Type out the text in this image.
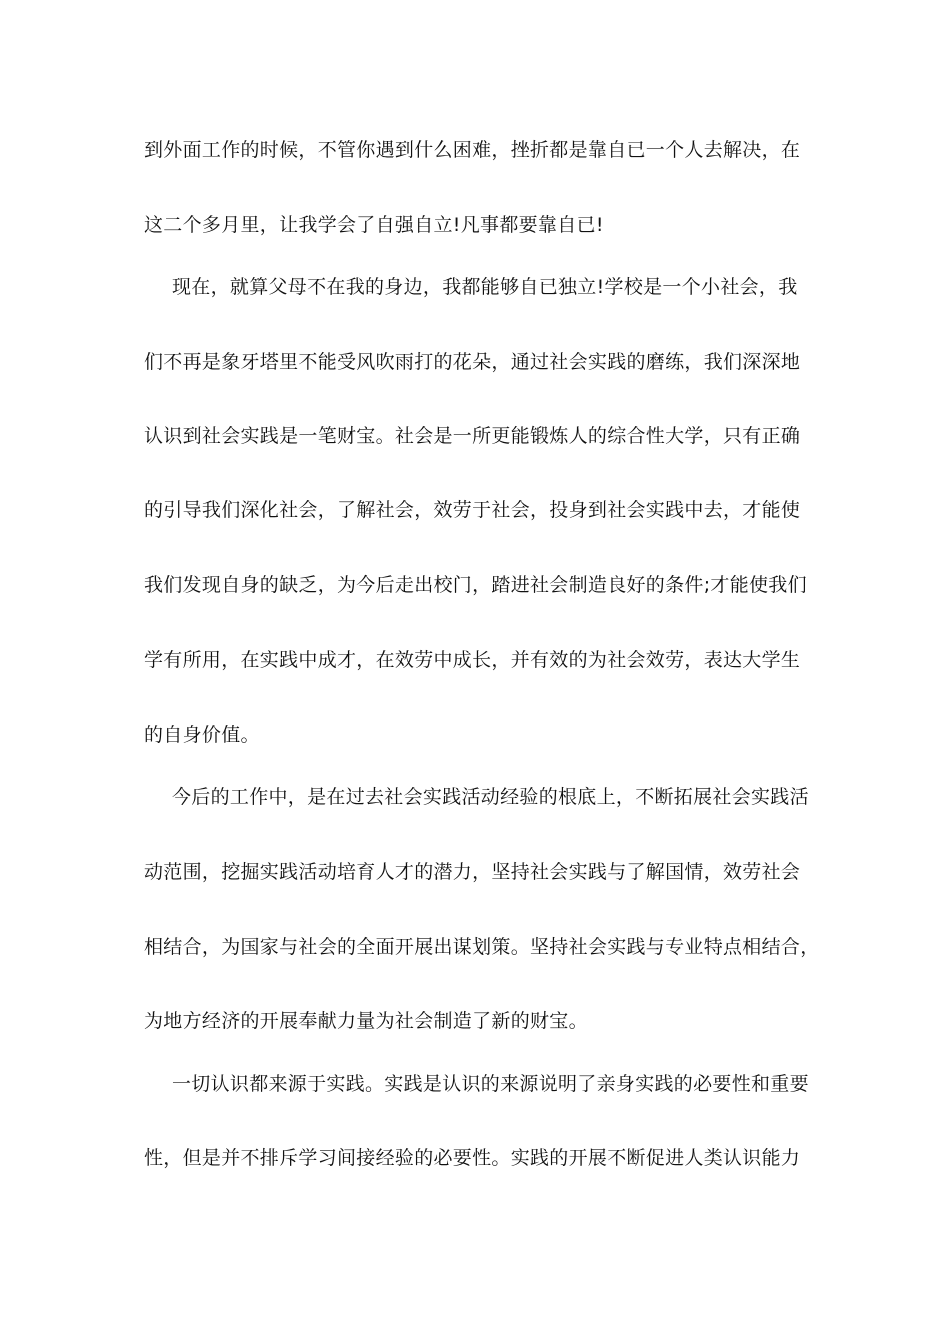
到外面工作的时候，不管你遇到什么困难，挫折都是靠自已一个人去解决，在
这二个多月里，让我学会了自强自立!凡事都要靠自已!
现在，就算父母不在我的身边，我都能够自已独立!学校是一个小社会，我
们不再是象牙塔里不能受风吹雨打的花朵，通过社会实践的磨练，我们深深地
认识到社会实践是一笔财宝。社会是一所更能锻炼人的综合性大学，只有正确
的引导我们深化社会，了解社会，效劳于社会，投身到社会实践中去，才能使
我们发现自身的缺乏，为今后走出校门，踏进社会制造良好的条件;才能使我们
学有所用，在实践中成才，在效劳中成长，并有效的为社会效劳，表达大学生
的自身价值。
今后的工作中，是在过去社会实践活动经验的根底上，不断拓展社会实践活
动范围，挖掘实践活动培育人才的潜力，坚持社会实践与了解国情，效劳社会
相结合，为国家与社会的全面开展出谋划策。坚持社会实践与专业特点相结合，
为地方经济的开展奉献力量为社会制造了新的财宝。
一切认识都来源于实践。实践是认识的来源说明了亲身实践的必要性和重要
性，但是并不排斥学习间接经验的必要性。实践的开展不断促进人类认识能力
